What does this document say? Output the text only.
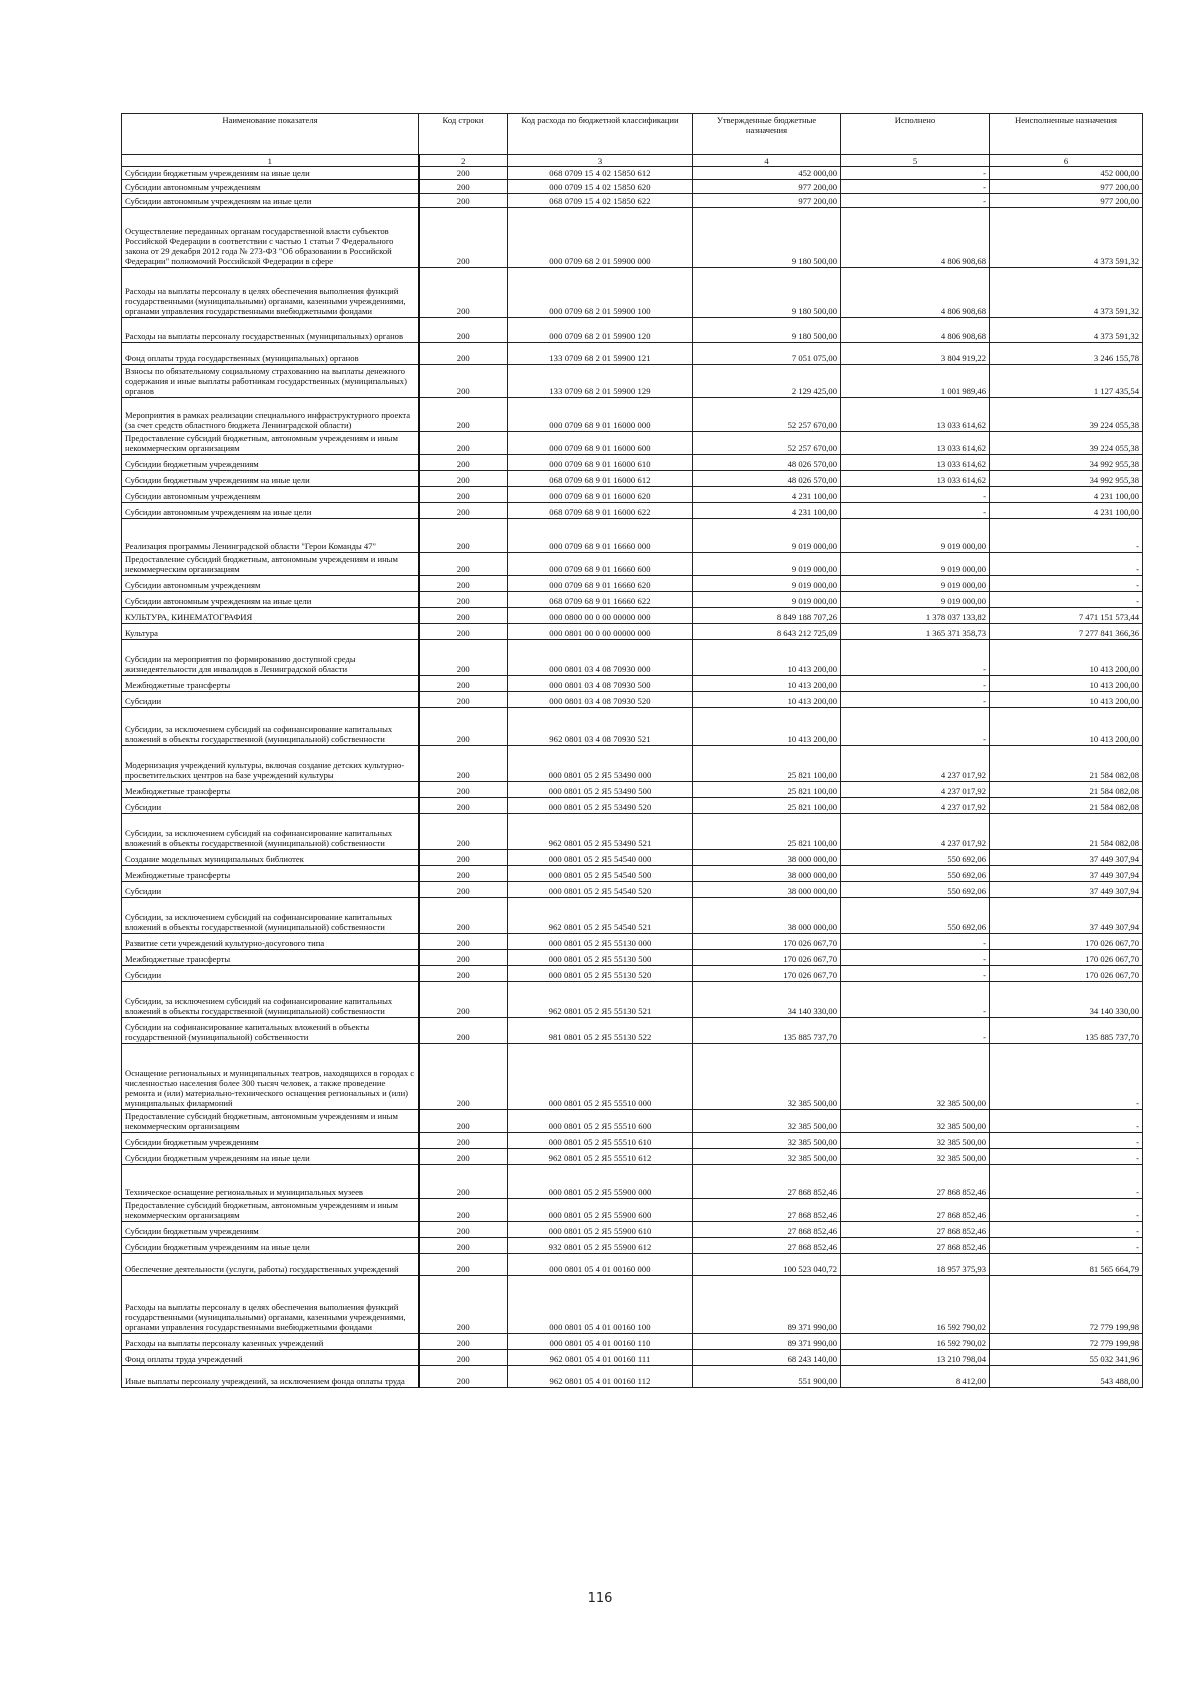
Наименование показателя	Код строки	Код расхода по бюджетной классификации	Утвержденные бюджетные назначения	Исполнено	Неисполненные назначения
1	2	3	4	5	6
Субсидии бюджетным учреждениям на иные цели	200	068 0709 15 4 02 15850 612	452 000,00	-	452 000,00
Субсидии автономным учреждениям	200	000 0709 15 4 02 15850 620	977 200,00	-	977 200,00
Субсидии автономным учреждениям на иные цели	200	068 0709 15 4 02 15850 622	977 200,00	-	977 200,00
Осуществление переданных органам государственной власти субъектов Российской Федерации в соответствии с частью 1 статьи 7 Федерального закона от 29 декабря 2012 года № 273-ФЗ "Об образовании в Российской Федерации" полномочий Российской Федерации в сфере	200	000 0709 68 2 01 59900 000	9 180 500,00	4 806 908,68	4 373 591,32
Расходы на выплаты персоналу в целях обеспечения выполнения функций государственными (муниципальными) органами, казенными учреждениями, органами управления государственными внебюджетными фондами	200	000 0709 68 2 01 59900 100	9 180 500,00	4 806 908,68	4 373 591,32
Расходы на выплаты персоналу государственных (муниципальных) органов	200	000 0709 68 2 01 59900 120	9 180 500,00	4 806 908,68	4 373 591,32
Фонд оплаты труда государственных (муниципальных) органов	200	133 0709 68 2 01 59900 121	7 051 075,00	3 804 919,22	3 246 155,78
Взносы по обязательному социальному страхованию на выплаты денежного содержания и иные выплаты работникам государственных (муниципальных) органов	200	133 0709 68 2 01 59900 129	2 129 425,00	1 001 989,46	1 127 435,54
Мероприятия в рамках реализации специального инфраструктурного проекта (за счет средств областного бюджета Ленинградской области)	200	000 0709 68 9 01 16000 000	52 257 670,00	13 033 614,62	39 224 055,38
Предоставление субсидий бюджетным, автономным учреждениям и иным некоммерческим организациям	200	000 0709 68 9 01 16000 600	52 257 670,00	13 033 614,62	39 224 055,38
Субсидии бюджетным учреждениям	200	000 0709 68 9 01 16000 610	48 026 570,00	13 033 614,62	34 992 955,38
Субсидии бюджетным учреждениям на иные цели	200	068 0709 68 9 01 16000 612	48 026 570,00	13 033 614,62	34 992 955,38
Субсидии автономным учреждениям	200	000 0709 68 9 01 16000 620	4 231 100,00	-	4 231 100,00
Субсидии автономным учреждениям на иные цели	200	068 0709 68 9 01 16000 622	4 231 100,00	-	4 231 100,00
Реализация программы Ленинградской области "Герои Команды 47"	200	000 0709 68 9 01 16660 000	9 019 000,00	9 019 000,00	-
Предоставление субсидий бюджетным, автономным учреждениям и иным некоммерческим организациям	200	000 0709 68 9 01 16660 600	9 019 000,00	9 019 000,00	-
Субсидии автономным учреждениям	200	000 0709 68 9 01 16660 620	9 019 000,00	9 019 000,00	-
Субсидии автономным учреждениям на иные цели	200	068 0709 68 9 01 16660 622	9 019 000,00	9 019 000,00	-
КУЛЬТУРА, КИНЕМАТОГРАФИЯ	200	000 0800 00 0 00 00000 000	8 849 188 707,26	1 378 037 133,82	7 471 151 573,44
Культура	200	000 0801 00 0 00 00000 000	8 643 212 725,09	1 365 371 358,73	7 277 841 366,36
Субсидии на мероприятия по формированию доступной среды жизнедеятельности для инвалидов в Ленинградской области	200	000 0801 03 4 08 70930 000	10 413 200,00	-	10 413 200,00
Межбюджетные трансферты	200	000 0801 03 4 08 70930 500	10 413 200,00	-	10 413 200,00
Субсидии	200	000 0801 03 4 08 70930 520	10 413 200,00	-	10 413 200,00
Субсидии, за исключением субсидий на софинансирование капитальных вложений в объекты государственной (муниципальной) собственности	200	962 0801 03 4 08 70930 521	10 413 200,00	-	10 413 200,00
Модернизация учреждений культуры, включая создание детских культурно-просветительских центров на базе учреждений культуры	200	000 0801 05 2 Я5 53490 000	25 821 100,00	4 237 017,92	21 584 082,08
Межбюджетные трансферты	200	000 0801 05 2 Я5 53490 500	25 821 100,00	4 237 017,92	21 584 082,08
Субсидии	200	000 0801 05 2 Я5 53490 520	25 821 100,00	4 237 017,92	21 584 082,08
Субсидии, за исключением субсидий на софинансирование капитальных вложений в объекты государственной (муниципальной) собственности	200	962 0801 05 2 Я5 53490 521	25 821 100,00	4 237 017,92	21 584 082,08
Создание модельных муниципальных библиотек	200	000 0801 05 2 Я5 54540 000	38 000 000,00	550 692,06	37 449 307,94
Межбюджетные трансферты	200	000 0801 05 2 Я5 54540 500	38 000 000,00	550 692,06	37 449 307,94
Субсидии	200	000 0801 05 2 Я5 54540 520	38 000 000,00	550 692,06	37 449 307,94
Субсидии, за исключением субсидий на софинансирование капитальных вложений в объекты государственной (муниципальной) собственности	200	962 0801 05 2 Я5 54540 521	38 000 000,00	550 692,06	37 449 307,94
Развитие сети учреждений культурно-досугового типа	200	000 0801 05 2 Я5 55130 000	170 026 067,70	-	170 026 067,70
Межбюджетные трансферты	200	000 0801 05 2 Я5 55130 500	170 026 067,70	-	170 026 067,70
Субсидии	200	000 0801 05 2 Я5 55130 520	170 026 067,70	-	170 026 067,70
Субсидии, за исключением субсидий на софинансирование капитальных вложений в объекты государственной (муниципальной) собственности	200	962 0801 05 2 Я5 55130 521	34 140 330,00	-	34 140 330,00
Субсидии на софинансирование капитальных вложений в объекты государственной (муниципальной) собственности	200	981 0801 05 2 Я5 55130 522	135 885 737,70	-	135 885 737,70
Оснащение региональных и муниципальных театров, находящихся в городах с численностью населения более 300 тысяч человек, а также проведение ремонта и (или) материально-технического оснащения региональных и (или) муниципальных филармоний	200	000 0801 05 2 Я5 55510 000	32 385 500,00	32 385 500,00	-
Предоставление субсидий бюджетным, автономным учреждениям и иным некоммерческим организациям	200	000 0801 05 2 Я5 55510 600	32 385 500,00	32 385 500,00	-
Субсидии бюджетным учреждениям	200	000 0801 05 2 Я5 55510 610	32 385 500,00	32 385 500,00	-
Субсидии бюджетным учреждениям на иные цели	200	962 0801 05 2 Я5 55510 612	32 385 500,00	32 385 500,00	-
Техническое оснащение региональных и муниципальных музеев	200	000 0801 05 2 Я5 55900 000	27 868 852,46	27 868 852,46	-
Предоставление субсидий бюджетным, автономным учреждениям и иным некоммерческим организациям	200	000 0801 05 2 Я5 55900 600	27 868 852,46	27 868 852,46	-
Субсидии бюджетным учреждениям	200	000 0801 05 2 Я5 55900 610	27 868 852,46	27 868 852,46	-
Субсидии бюджетным учреждениям на иные цели	200	932 0801 05 2 Я5 55900 612	27 868 852,46	27 868 852,46	-
Обеспечение деятельности (услуги, работы) государственных учреждений	200	000 0801 05 4 01 00160 000	100 523 040,72	18 957 375,93	81 565 664,79
Расходы на выплаты персоналу в целях обеспечения выполнения функций государственными (муниципальными) органами, казенными учреждениями, органами управления государственными внебюджетными фондами	200	000 0801 05 4 01 00160 100	89 371 990,00	16 592 790,02	72 779 199,98
Расходы на выплаты персоналу казенных учреждений	200	000 0801 05 4 01 00160 110	89 371 990,00	16 592 790,02	72 779 199,98
Фонд оплаты труда учреждений	200	962 0801 05 4 01 00160 111	68 243 140,00	13 210 798,04	55 032 341,96
Иные выплаты персоналу учреждений, за исключением фонда оплаты труда	200	962 0801 05 4 01 00160 112	551 900,00	8 412,00	543 488,00
116
